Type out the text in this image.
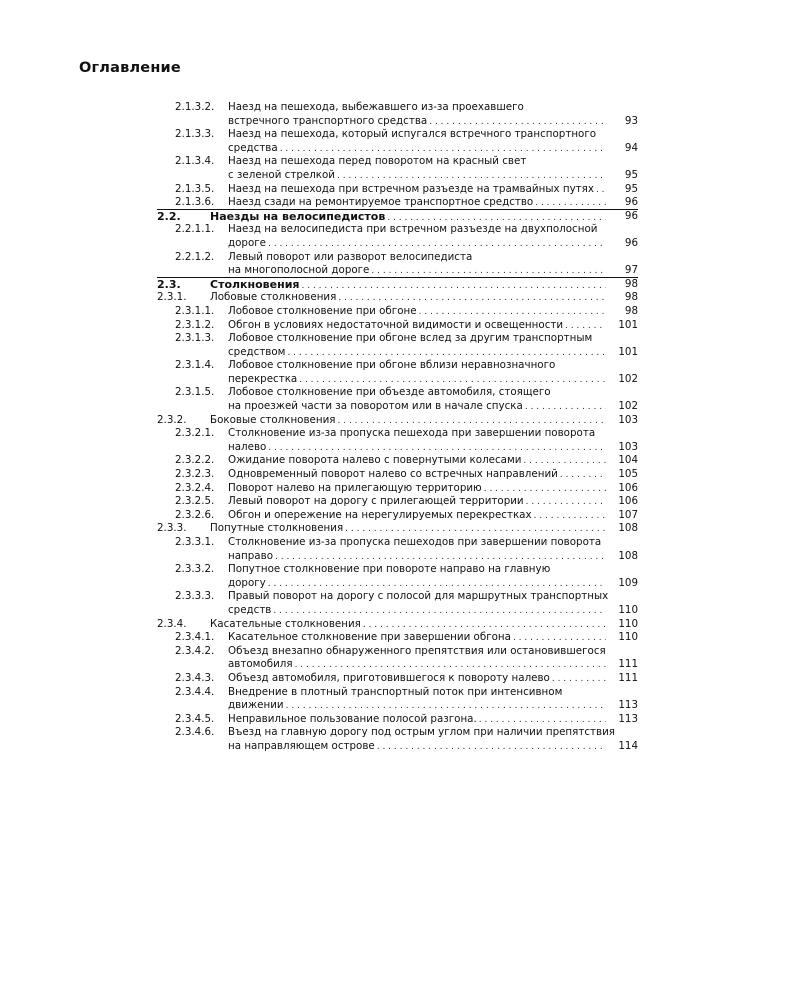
Оглавление
2.1.3.2. Наезд на пешехода, выбежавшего из-за проехавшего
встречного транспортного средства . . .	93
2.1.3.3. Наезд на пешехода, который испугался встречного транспортного
средства . . .	94
2.1.3.4. Наезд на пешехода перед поворотом на красный свет
с зеленой стрелкой . . .	95
2.1.3.5. Наезд на пешехода при встречном разъезде на трамвайных путях . . .	95
2.1.3.6. Наезд сзади на ремонтируемое транспортное средство . . .	96
2.2.	Наезды на велосипедистов . . .	96
2.2.1.1. Наезд на велосипедиста при встречном разъезде на двухполосной
дороге . . .	96
2.2.1.2. Левый поворот или разворот велосипедиста
на многополосной дороге . . .	97
2.3.	Столкновения . . .	98
2.3.1. Лобовые столкновения . . .	98
2.3.1.1. Лобовое столкновение при обгоне . . .	98
2.3.1.2. Обгон в условиях недостаточной видимости и освещенности . . .	101
2.3.1.3. Лобовое столкновение при обгоне вслед за другим транспортным
средством . . .	101
2.3.1.4. Лобовое столкновение при обгоне вблизи неравнозначного
перекрестка . . .	102
2.3.1.5. Лобовое столкновение при объезде автомобиля, стоящего
на проезжей части за поворотом или в начале спуска . . .	102
2.3.2. Боковые столкновения . . .	103
2.3.2.1. Столкновение из-за пропуска пешехода при завершении поворота
налево . . .	103
2.3.2.2. Ожидание поворота налево с повернутыми колесами . . .	104
2.3.2.3. Одновременный поворот налево со встречных направлений . . .	105
2.3.2.4. Поворот налево на прилегающую территорию . . .	106
2.3.2.5. Левый поворот на дорогу с прилегающей территории . . .	106
2.3.2.6. Обгон и опережение на нерегулируемых перекрестках . . .	107
2.3.3. Попутные столкновения . . .	108
2.3.3.1. Столкновение из-за пропуска пешеходов при завершении поворота
направо . . .	108
2.3.3.2. Попутное столкновение при повороте направо на главную
дорогу . . .	109
2.3.3.3. Правый поворот на дорогу с полосой для маршрутных транспортных
средств . . .	110
2.3.4. Касательные столкновения . . .	110
2.3.4.1. Касательное столкновение при завершении обгона . . .	110
2.3.4.2. Объезд внезапно обнаруженного препятствия или остановившегося
автомобиля . . .	111
2.3.4.3. Объезд автомобиля, приготовившегося к повороту налево . . .	111
2.3.4.4. Внедрение в плотный транспортный поток при интенсивном
движении . . .	113
2.3.4.5. Неправильное пользование полосой разгона. . . .	113
2.3.4.6. Въезд на главную дорогу под острым углом при наличии препятствия
на направляющем острове . . .	114
